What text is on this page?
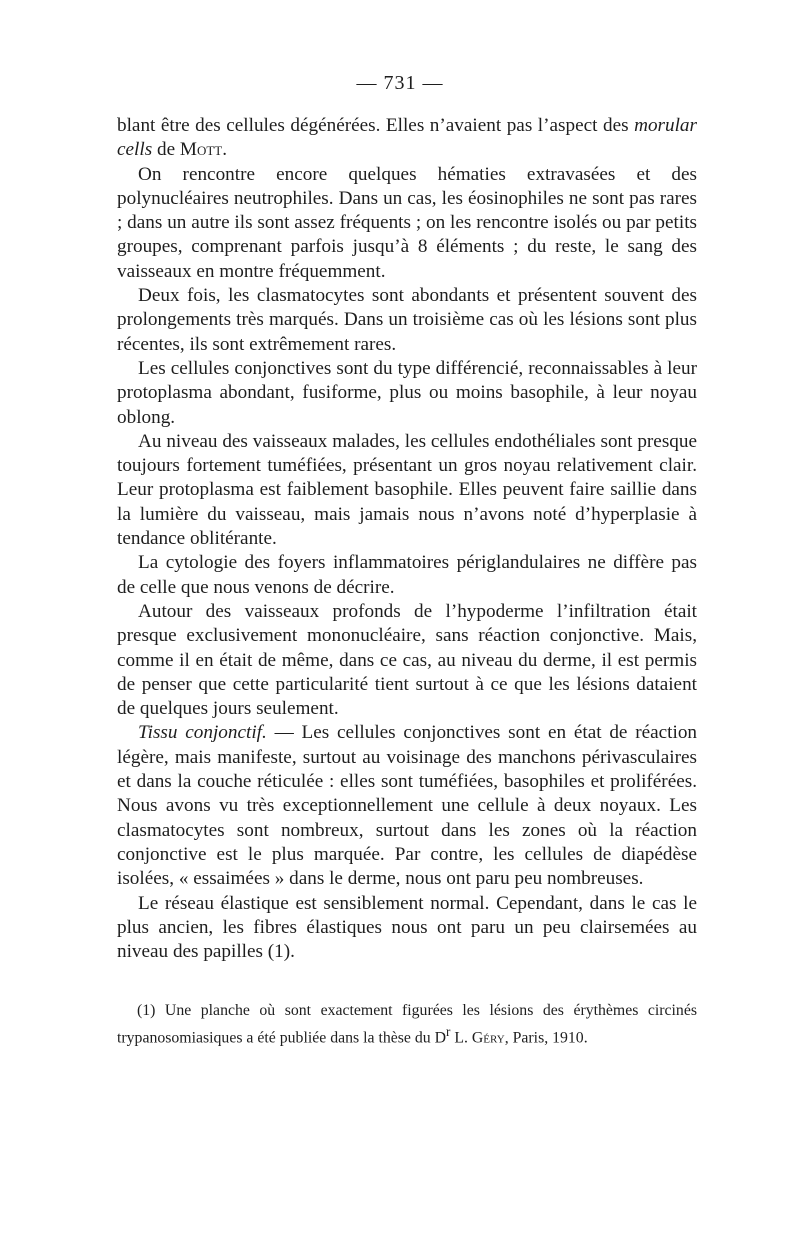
— 731 —

blant être des cellules dégénérées. Elles n’avaient pas l’aspect des morular cells de Mott.

On rencontre encore quelques hématies extravasées et des polynucléaires neutrophiles. Dans un cas, les éosinophiles ne sont pas rares ; dans un autre ils sont assez fréquents ; on les rencontre isolés ou par petits groupes, comprenant parfois jusqu’à 8 éléments ; du reste, le sang des vaisseaux en montre fréquemment.

Deux fois, les clasmatocytes sont abondants et présentent souvent des prolongements très marqués. Dans un troisième cas où les lésions sont plus récentes, ils sont extrêmement rares.

Les cellules conjonctives sont du type différencié, reconnaissables à leur protoplasma abondant, fusiforme, plus ou moins basophile, à leur noyau oblong.

Au niveau des vaisseaux malades, les cellules endothéliales sont presque toujours fortement tuméfiées, présentant un gros noyau relativement clair. Leur protoplasma est faiblement basophile. Elles peuvent faire saillie dans la lumière du vaisseau, mais jamais nous n’avons noté d’hyperplasie à tendance oblitérante.

La cytologie des foyers inflammatoires périglandulaires ne diffère pas de celle que nous venons de décrire.

Autour des vaisseaux profonds de l’hypoderme l’infiltration était presque exclusivement mononucléaire, sans réaction conjonctive. Mais, comme il en était de même, dans ce cas, au niveau du derme, il est permis de penser que cette particularité tient surtout à ce que les lésions dataient de quelques jours seulement.

Tissu conjonctif. — Les cellules conjonctives sont en état de réaction légère, mais manifeste, surtout au voisinage des manchons périvasculaires et dans la couche réticulée : elles sont tuméfiées, basophiles et proliférées. Nous avons vu très exceptionnellement une cellule à deux noyaux. Les clasmatocytes sont nombreux, surtout dans les zones où la réaction conjonctive est le plus marquée. Par contre, les cellules de diapédèse isolées, « essaimées » dans le derme, nous ont paru peu nombreuses.

Le réseau élastique est sensiblement normal. Cependant, dans le cas le plus ancien, les fibres élastiques nous ont paru un peu clairsemées au niveau des papilles (1).

(1) Une planche où sont exactement figurées les lésions des érythèmes circinés trypanosomiasiques a été publiée dans la thèse du $D^r$ L. Géry, Paris, 1910.
